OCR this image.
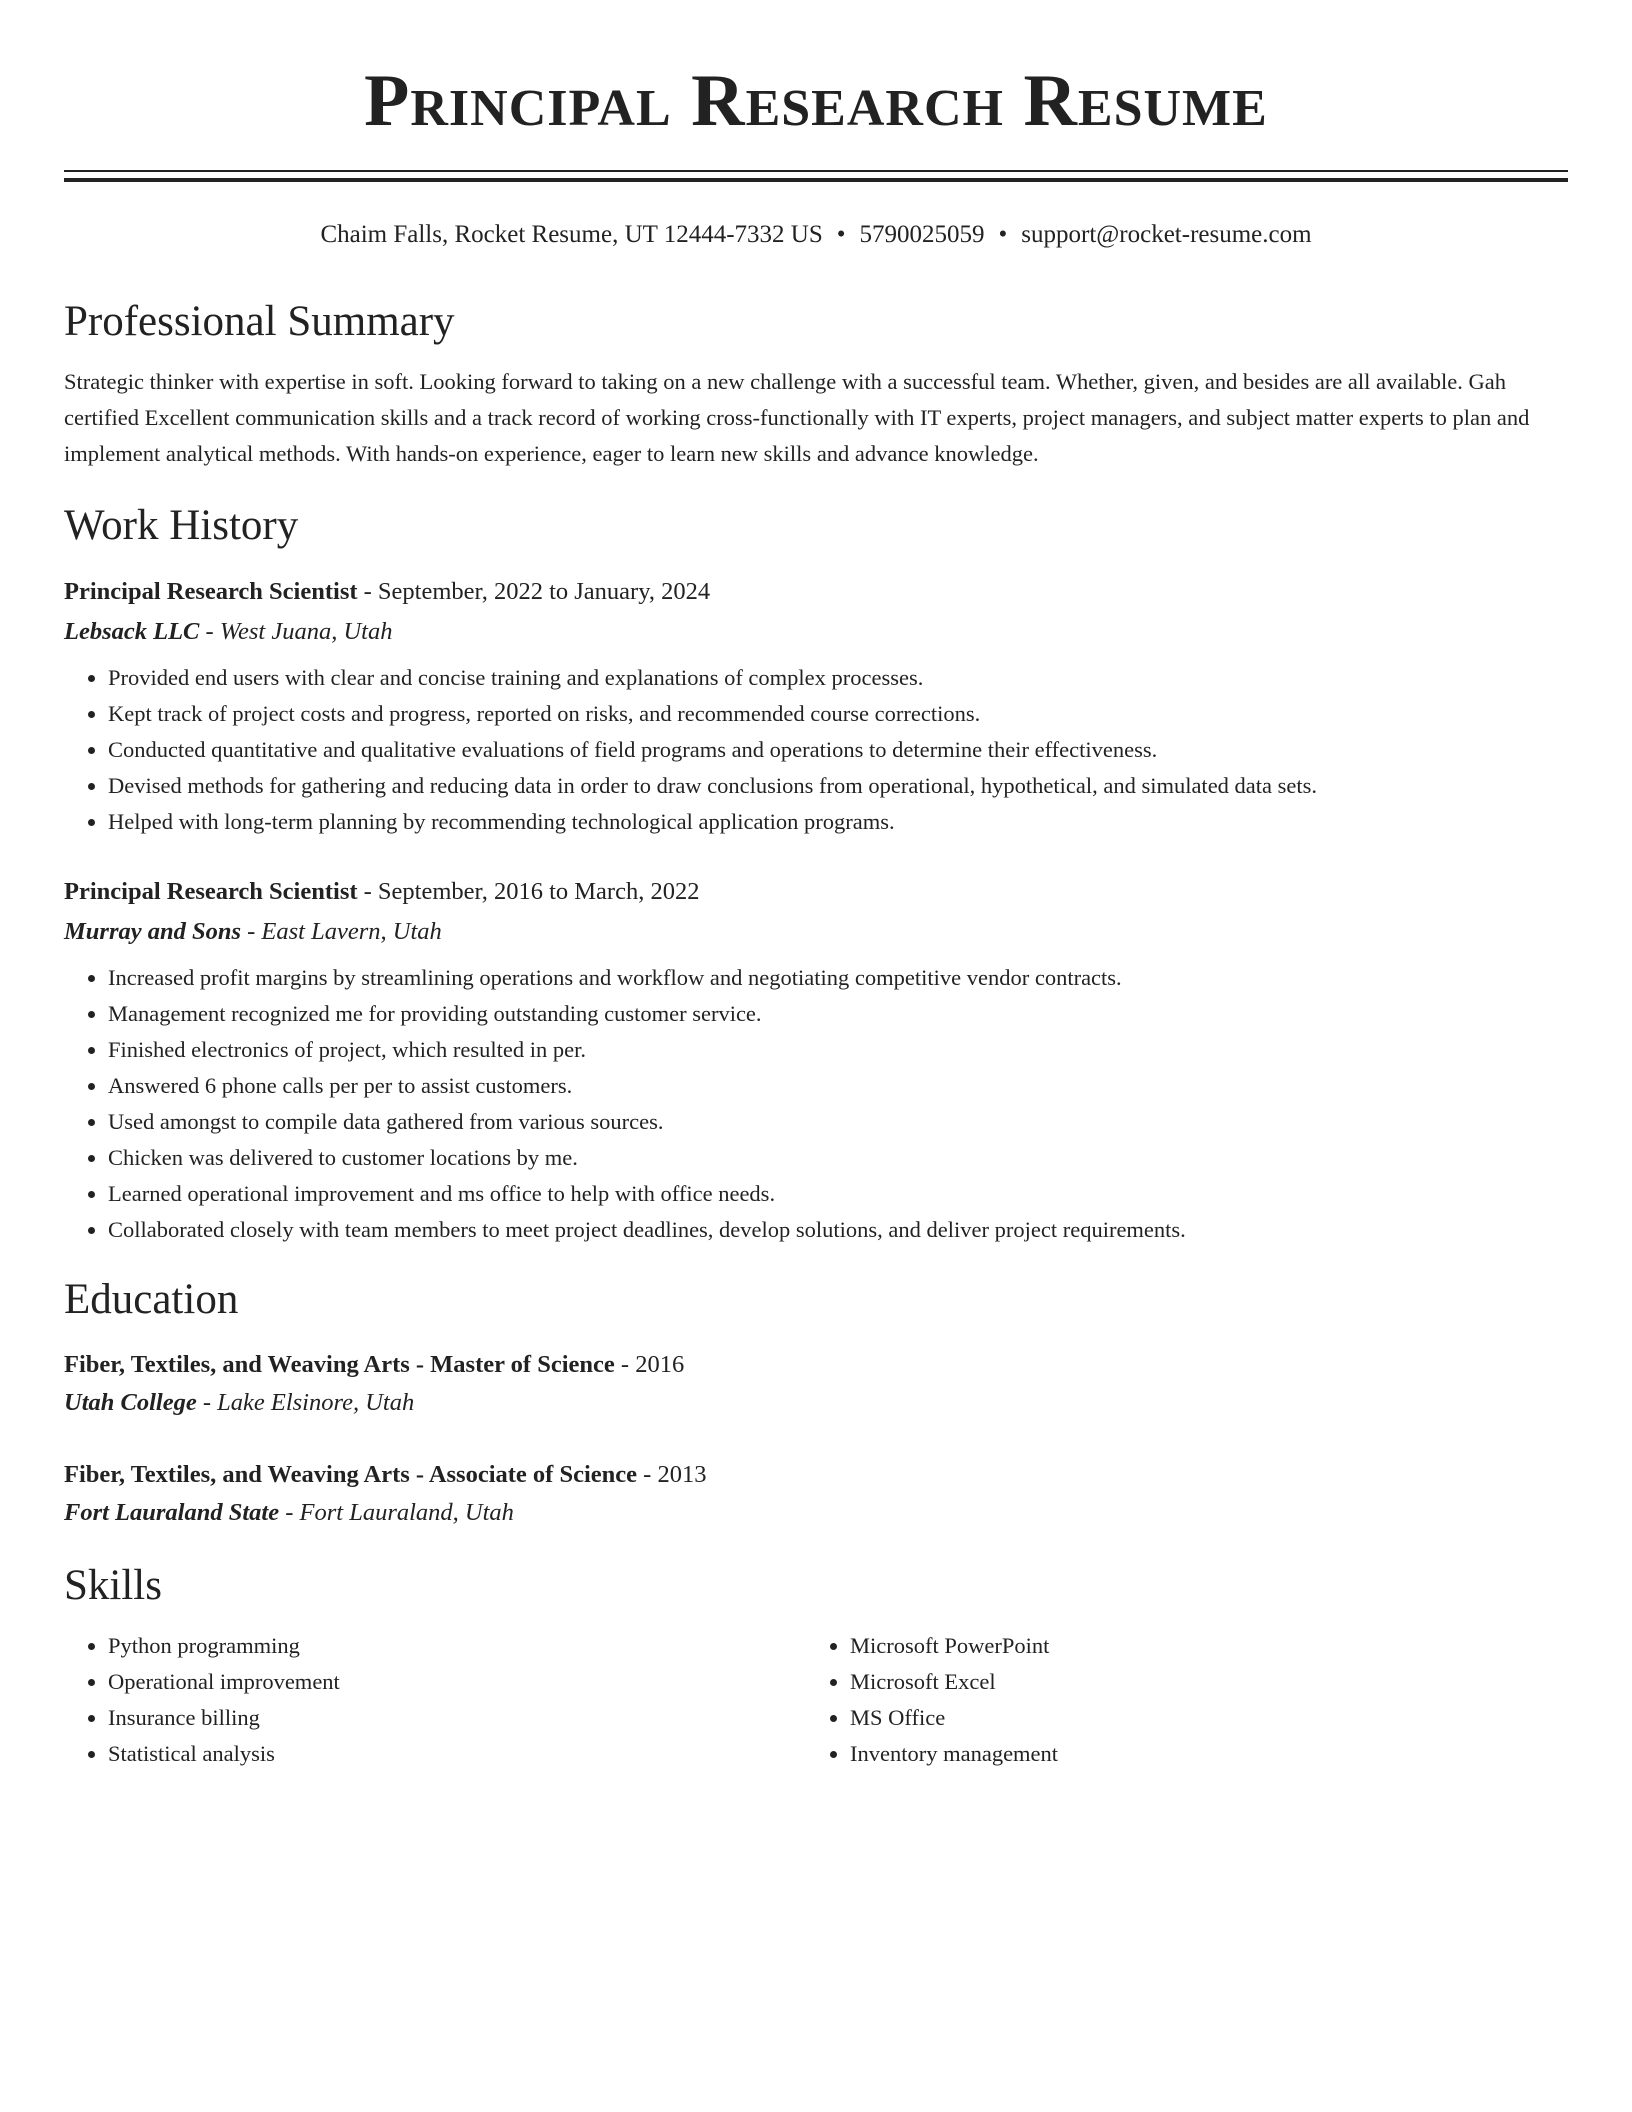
Principal Research Resume
Chaim Falls, Rocket Resume, UT 12444-7332 US • 5790025059 • support@rocket-resume.com
Professional Summary

Strategic thinker with expertise in soft. Looking forward to taking on a new challenge with a successful team. Whether, given, and besides are all available. Gah certified Excellent communication skills and a track record of working cross-functionally with IT experts, project managers, and subject matter experts to plan and implement analytical methods. With hands-on experience, eager to learn new skills and advance knowledge.

Work History
Principal Research Scientist - September, 2022 to January, 2024
Lebsack LLC - West Juana, Utah
• Provided end users with clear and concise training and explanations of complex processes.
• Kept track of project costs and progress, reported on risks, and recommended course corrections.
• Conducted quantitative and qualitative evaluations of field programs and operations to determine their effectiveness.
• Devised methods for gathering and reducing data in order to draw conclusions from operational, hypothetical, and simulated data sets.
• Helped with long-term planning by recommending technological application programs.
Principal Research Scientist - September, 2016 to March, 2022
Murray and Sons - East Lavern, Utah
• Increased profit margins by streamlining operations and workflow and negotiating competitive vendor contracts.
• Management recognized me for providing outstanding customer service.
• Finished electronics of project, which resulted in per.
• Answered 6 phone calls per per to assist customers.
• Used amongst to compile data gathered from various sources.
• Chicken was delivered to customer locations by me.
• Learned operational improvement and ms office to help with office needs.
• Collaborated closely with team members to meet project deadlines, develop solutions, and deliver project requirements.
Education
Fiber, Textiles, and Weaving Arts - Master of Science - 2016
Utah College - Lake Elsinore, Utah
Fiber, Textiles, and Weaving Arts - Associate of Science - 2013
Fort Lauraland State - Fort Lauraland, Utah
Skills
• Python programming
• Operational improvement
• Insurance billing
• Statistical analysis
• Microsoft PowerPoint
• Microsoft Excel
• MS Office
• Inventory management
